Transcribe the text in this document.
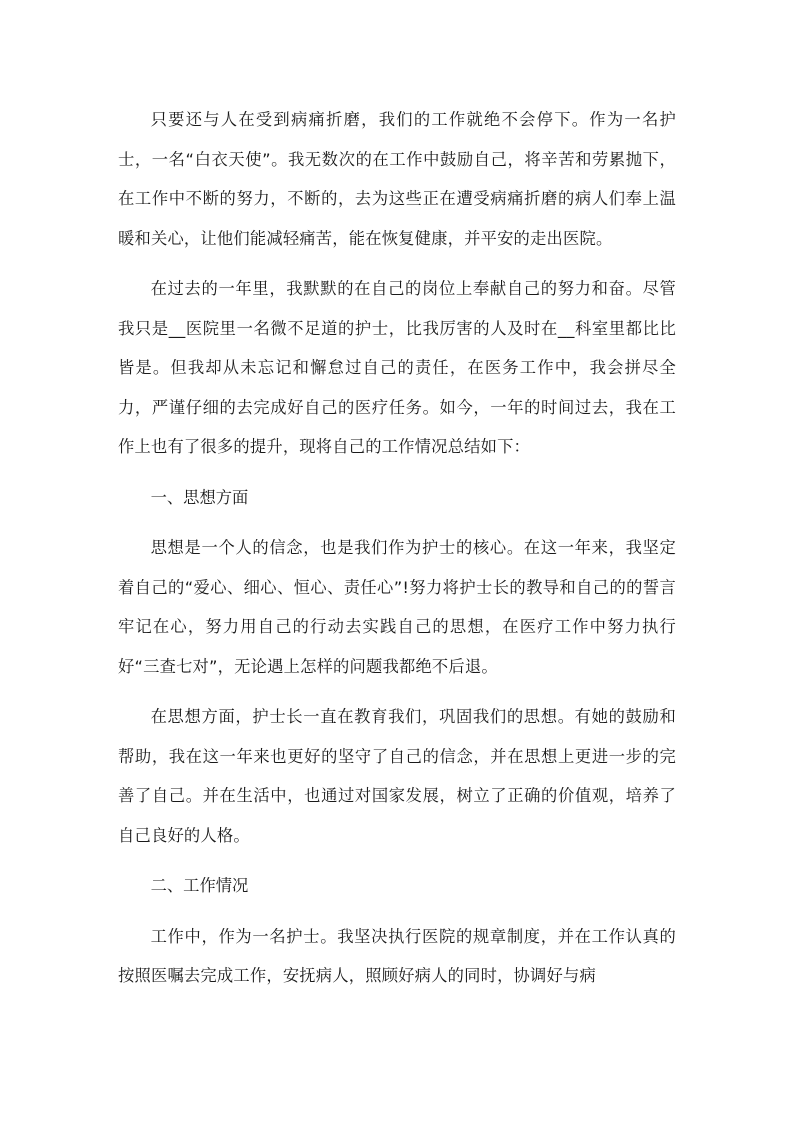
只要还与人在受到病痛折磨，我们的工作就绝不会停下。作为一名护士，一名“白衣天使”。我无数次的在工作中鼓励自己，将辛苦和劳累抛下，在工作中不断的努力，不断的，去为这些正在遭受病痛折磨的病人们奉上温暖和关心，让他们能减轻痛苦，能在恢复健康，并平安的走出医院。

在过去的一年里，我默默的在自己的岗位上奉献自己的努力和奋。尽管我只是__医院里一名微不足道的护士，比我厉害的人及时在__科室里都比比皆是。但我却从未忘记和懈怠过自己的责任，在医务工作中，我会拼尽全力，严谨仔细的去完成好自己的医疗任务。如今，一年的时间过去，我在工作上也有了很多的提升，现将自己的工作情况总结如下：

一、思想方面

思想是一个人的信念，也是我们作为护士的核心。在这一年来，我坚定着自己的“爱心、细心、恒心、责任心”!努力将护士长的教导和自己的的誓言牢记在心，努力用自己的行动去实践自己的思想，在医疗工作中努力执行好“三查七对”，无论遇上怎样的问题我都绝不后退。

在思想方面，护士长一直在教育我们，巩固我们的思想。有她的鼓励和帮助，我在这一年来也更好的坚守了自己的信念，并在思想上更进一步的完善了自己。并在生活中，也通过对国家发展，树立了正确的价值观，培养了自己良好的人格。

二、工作情况

工作中，作为一名护士。我坚决执行医院的规章制度，并在工作认真的按照医嘱去完成工作，安抚病人，照顾好病人的同时，协调好与病
